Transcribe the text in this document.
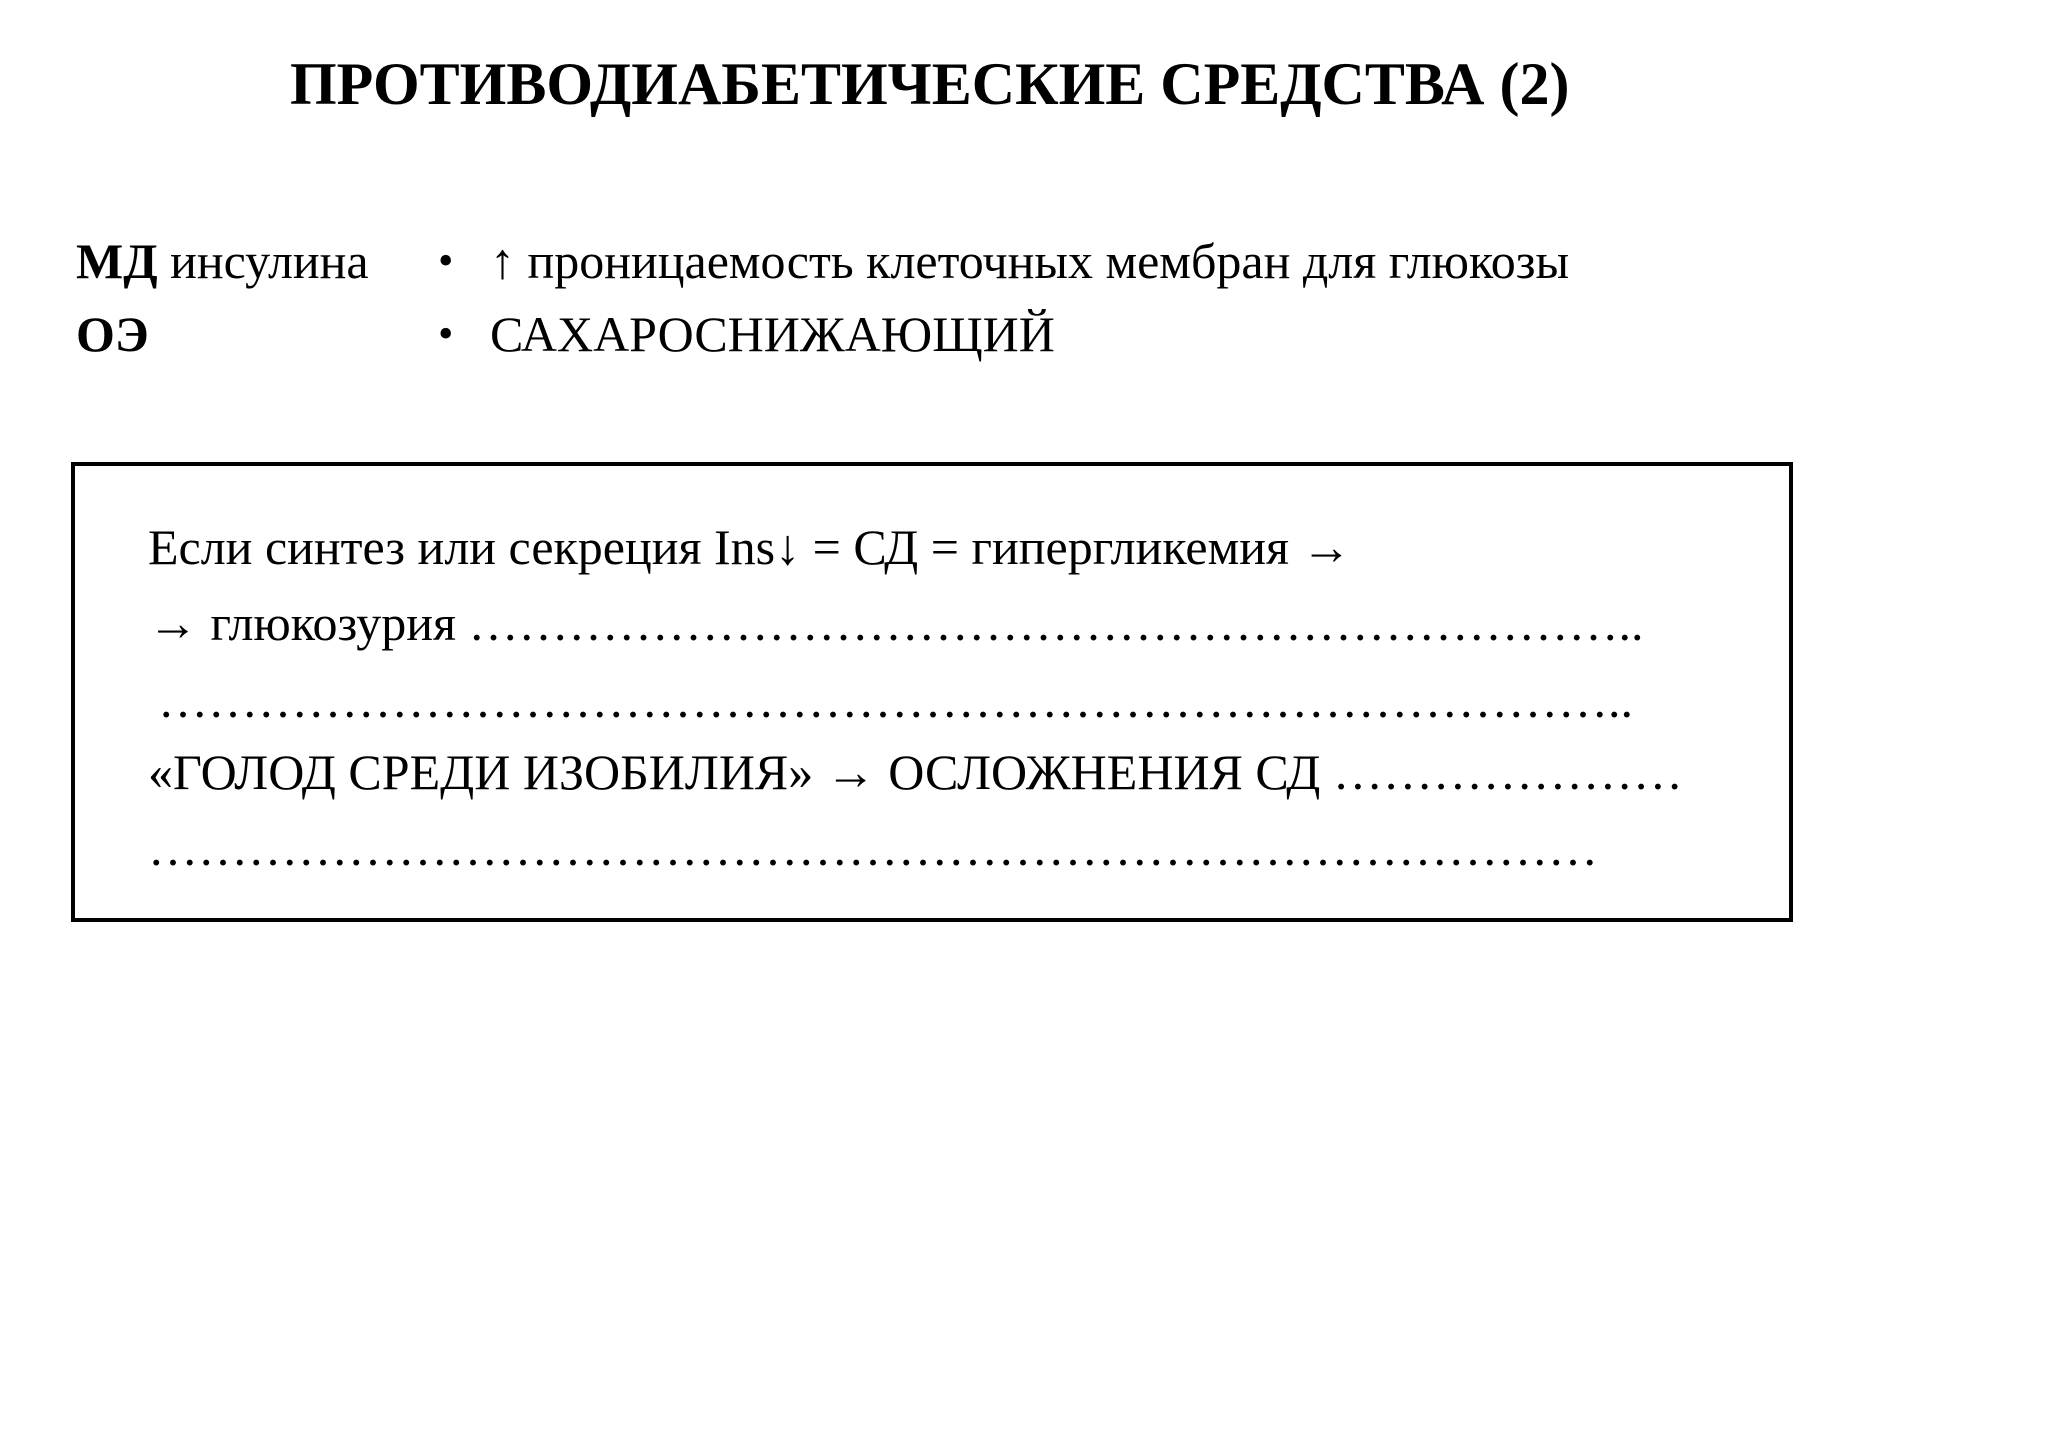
ПРОТИВОДИАБЕТИЧЕСКИЕ СРЕДСТВА (2)
МД инсулина • ↑ проницаемость клеточных мембран для глюкозы
ОЭ	• САХАРОСНИЖАЮЩИЙ
Если синтез или секреция Ins↓ = СД = гипергликемия →
→ глюкозурия ……………………………………………………………..
……………………………………………………………………………..
«ГОЛОД СРЕДИ ИЗОБИЛИЯ» → ОСЛОЖНЕНИЯ СД …………………
……………………………………………………………………………
